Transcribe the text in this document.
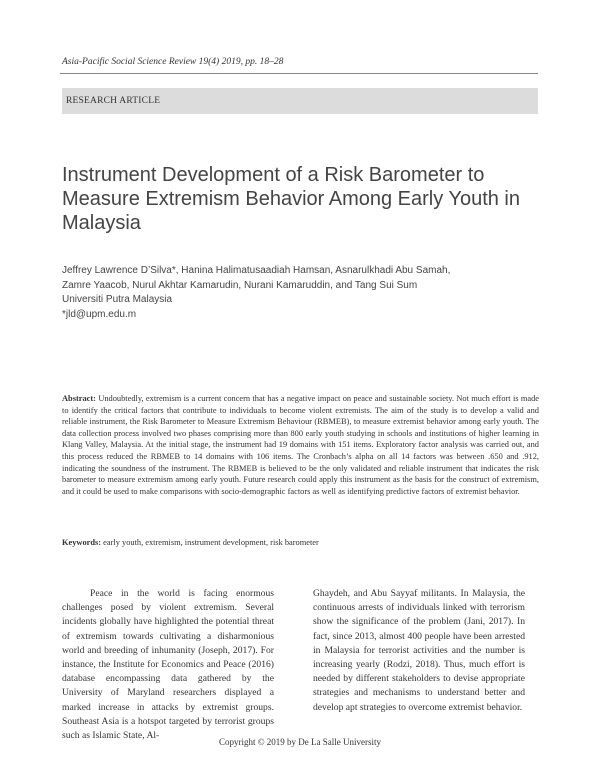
Asia-Pacific Social Science Review 19(4) 2019, pp. 18–28
RESEARCH ARTICLE
Instrument Development of a Risk Barometer to Measure Extremism Behavior Among Early Youth in Malaysia
Jeffrey Lawrence D’Silva*, Hanina Halimatusaadiah Hamsan, Asnarulkhadi Abu Samah,
Zamre Yaacob, Nurul Akhtar Kamarudin, Nurani Kamaruddin, and Tang Sui Sum
Universiti Putra Malaysia
*jld@upm.edu.m
Abstract: Undoubtedly, extremism is a current concern that has a negative impact on peace and sustainable society. Not much effort is made to identify the critical factors that contribute to individuals to become violent extremists. The aim of the study is to develop a valid and reliable instrument, the Risk Barometer to Measure Extremism Behaviour (RBMEB), to measure extremist behavior among early youth. The data collection process involved two phases comprising more than 800 early youth studying in schools and institutions of higher learning in Klang Valley, Malaysia. At the initial stage, the instrument had 19 domains with 151 items. Exploratory factor analysis was carried out, and this process reduced the RBMEB to 14 domains with 106 items. The Cronbach’s alpha on all 14 factors was between .650 and .912, indicating the soundness of the instrument. The RBMEB is believed to be the only validated and reliable instrument that indicates the risk barometer to measure extremism among early youth. Future research could apply this instrument as the basis for the construct of extremism, and it could be used to make comparisons with socio-demographic factors as well as identifying predictive factors of extremist behavior.
Keywords: early youth, extremism, instrument development, risk barometer
Peace in the world is facing enormous challenges posed by violent extremism. Several incidents globally have highlighted the potential threat of extremism towards cultivating a disharmonious world and breeding of inhumanity (Joseph, 2017). For instance, the Institute for Economics and Peace (2016) database encompassing data gathered by the University of Maryland researchers displayed a marked increase in attacks by extremist groups. Southeast Asia is a hotspot targeted by terrorist groups such as Islamic State, Al-
Ghaydeh, and Abu Sayyaf militants. In Malaysia, the continuous arrests of individuals linked with terrorism show the significance of the problem (Jani, 2017). In fact, since 2013, almost 400 people have been arrested in Malaysia for terrorist activities and the number is increasing yearly (Rodzi, 2018). Thus, much effort is needed by different stakeholders to devise appropriate strategies and mechanisms to understand better and develop apt strategies to overcome extremist behavior.
Copyright © 2019 by De La Salle University
